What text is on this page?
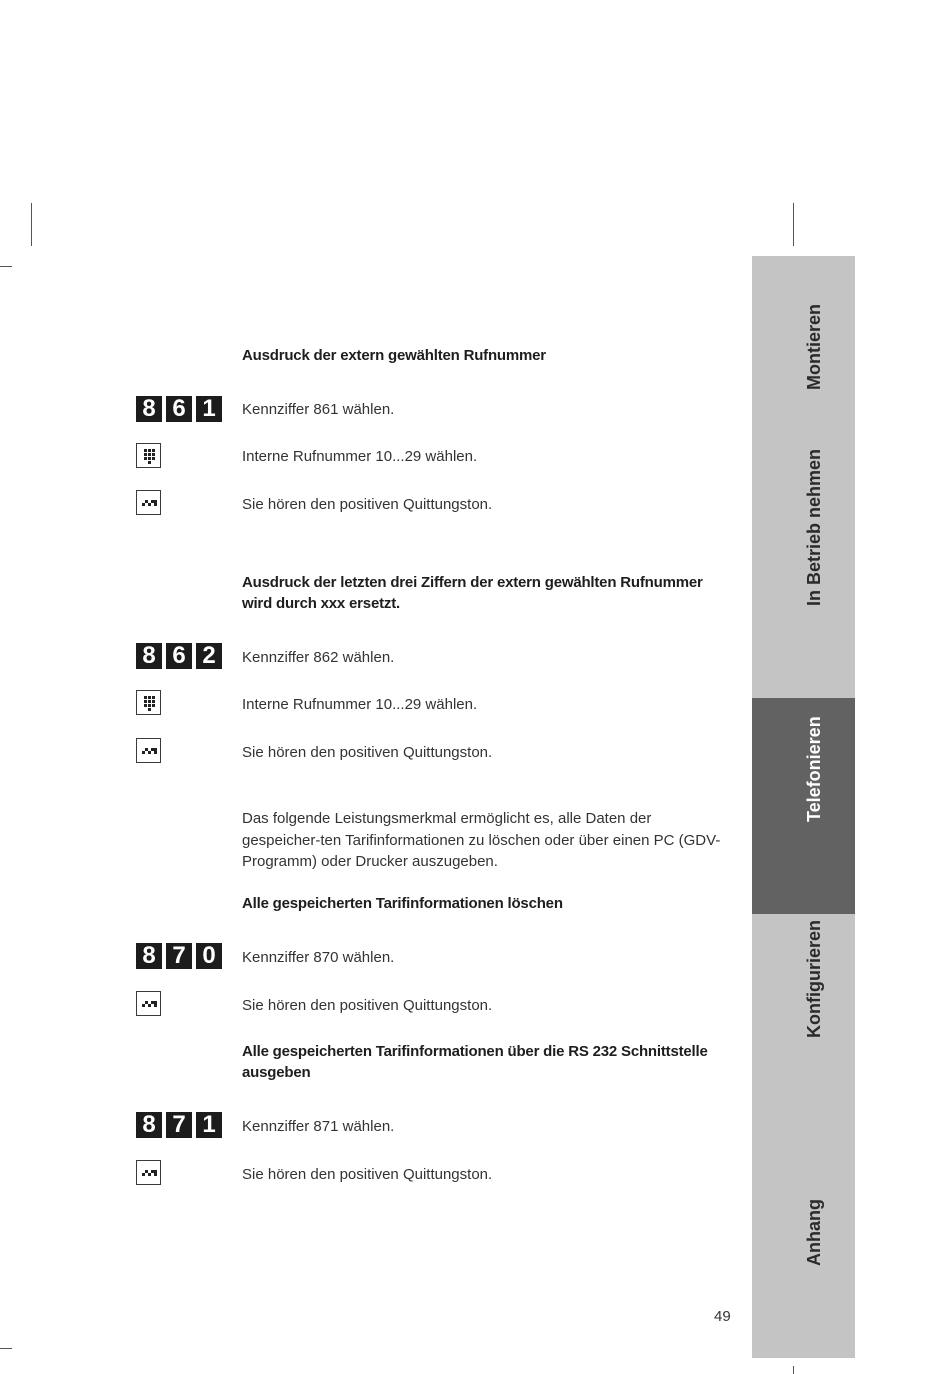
Ausdruck der extern gewählten Rufnummer
8 6 1	Kennziffer 861 wählen.
Interne Rufnummer 10...29 wählen.
Sie hören den positiven Quittungston.
Ausdruck der letzten drei Ziffern der extern gewählten Rufnummer wird durch xxx ersetzt.
8 6 2	Kennziffer 862 wählen.
Interne Rufnummer 10...29 wählen.
Sie hören den positiven Quittungston.
Das folgende Leistungsmerkmal ermöglicht es, alle Daten der gespeicher-ten Tarifinformationen zu löschen oder über einen PC (GDV-Programm) oder Drucker auszugeben.
Alle gespeicherten Tarifinformationen löschen
8 7 0	Kennziffer 870 wählen.
Sie hören den positiven Quittungston.
Alle gespeicherten Tarifinformationen über die RS 232 Schnittstelle ausgeben
8 7 1	Kennziffer 871 wählen.
Sie hören den positiven Quittungston.
Montieren
In Betrieb nehmen
Telefonieren
Konfigurieren
Anhang
49
